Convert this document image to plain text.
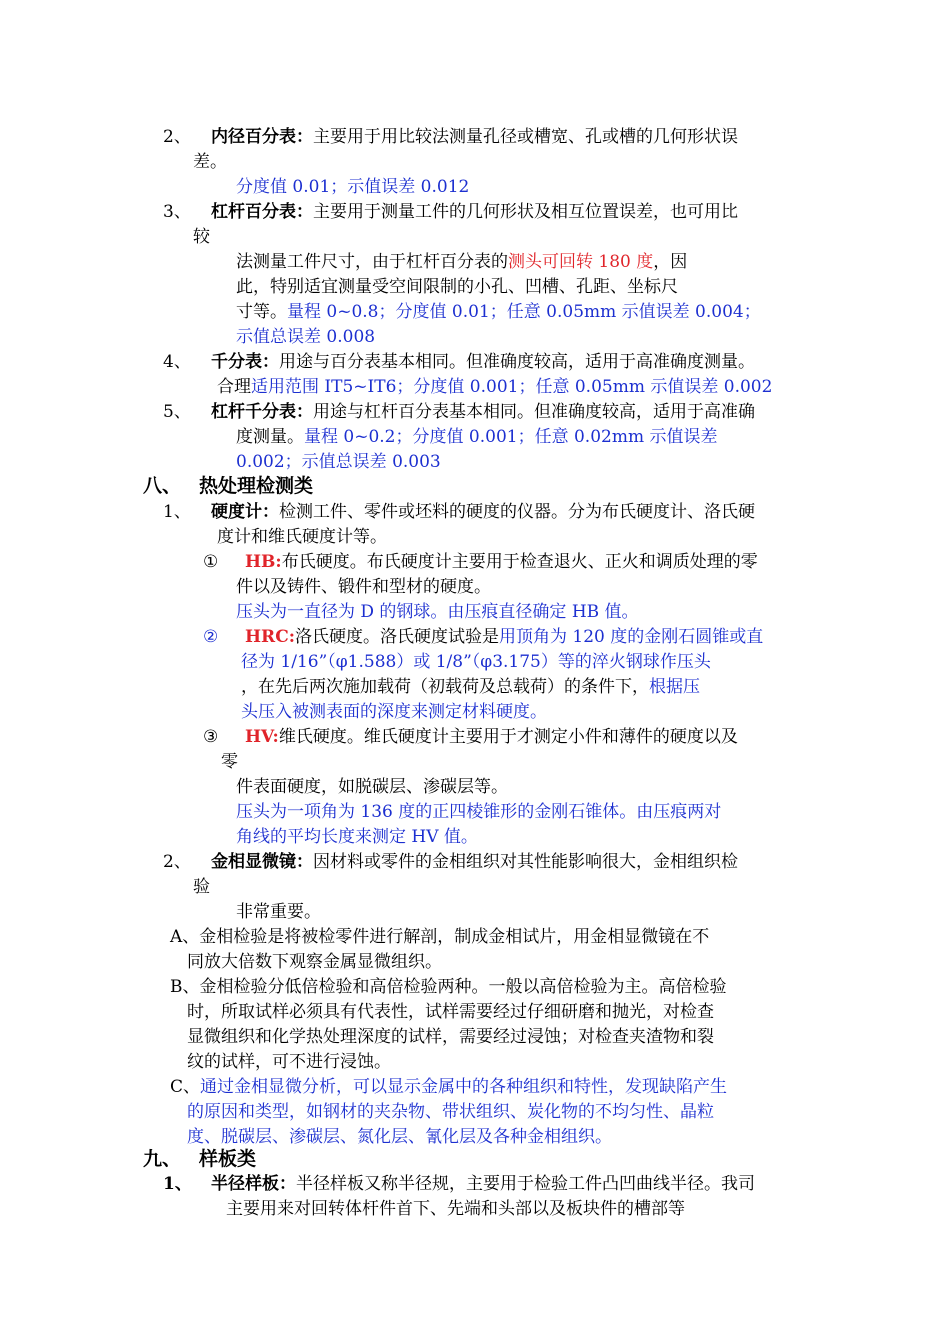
2、 内径百分表：主要用于用比较法测量孔径或槽宽、孔或槽的几何形状误
差。
分度值 0.01；示值误差 0.012
3、 杠杆百分表：主要用于测量工件的几何形状及相互位置误差，也可用比
较
法测量工件尺寸，由于杠杆百分表的测头可回转 180 度，因
此，特别适宜测量受空间限制的小孔、凹槽、孔距、坐标尺
寸等。量程 0~0.8；分度值 0.01；任意 0.05mm 示值误差 0.004；
示值总误差 0.008
4、 千分表：用途与百分表基本相同。但准确度较高，适用于高准确度测量。
合理适用范围 IT5~IT6；分度值 0.001；任意 0.05mm 示值误差 0.002
5、 杠杆千分表：用途与杠杆百分表基本相同。但准确度较高，适用于高准确
度测量。量程 0~0.2；分度值 0.001；任意 0.02mm 示值误差
0.002；示值总误差 0.003
八、 热处理检测类
1、 硬度计：检测工件、零件或坯料的硬度的仪器。分为布氏硬度计、洛氏硬
度计和维氏硬度计等。
① HB:布氏硬度。布氏硬度计主要用于检查退火、正火和调质处理的零
件以及铸件、锻件和型材的硬度。
压头为一直径为 D 的钢球。由压痕直径确定 HB 值。
② HRC:洛氏硬度。洛氏硬度试验是用顶角为 120 度的金刚石圆锥或直
径为 1/16”（φ1.588）或 1/8”（φ3.175）等的淬火钢球作压头
，在先后两次施加载荷（初载荷及总载荷）的条件下，根据压
头压入被测表面的深度来测定材料硬度。
③ HV:维氏硬度。维氏硬度计主要用于才测定小件和薄件的硬度以及
零
件表面硬度，如脱碳层、渗碳层等。
压头为一项角为 136 度的正四棱锥形的金刚石锥体。由压痕两对
角线的平均长度来测定 HV 值。
2、 金相显微镜：因材料或零件的金相组织对其性能影响很大，金相组织检
验
非常重要。
A、金相检验是将被检零件进行解剖，制成金相试片，用金相显微镜在不
同放大倍数下观察金属显微组织。
B、金相检验分低倍检验和高倍检验两种。一般以高倍检验为主。高倍检验
时，所取试样必须具有代表性，试样需要经过仔细研磨和抛光，对检查
显微组织和化学热处理深度的试样，需要经过浸蚀；对检查夹渣物和裂
纹的试样，可不进行浸蚀。
C、通过金相显微分析，可以显示金属中的各种组织和特性，发现缺陷产生
的原因和类型，如钢材的夹杂物、带状组织、炭化物的不均匀性、晶粒
度、脱碳层、渗碳层、氮化层、氰化层及各种金相组织。
九、 样板类
1、 半径样板：半径样板又称半径规，主要用于检验工件凸凹曲线半径。我司
主要用来对回转体杆件首下、先端和头部以及板块件的槽部等
